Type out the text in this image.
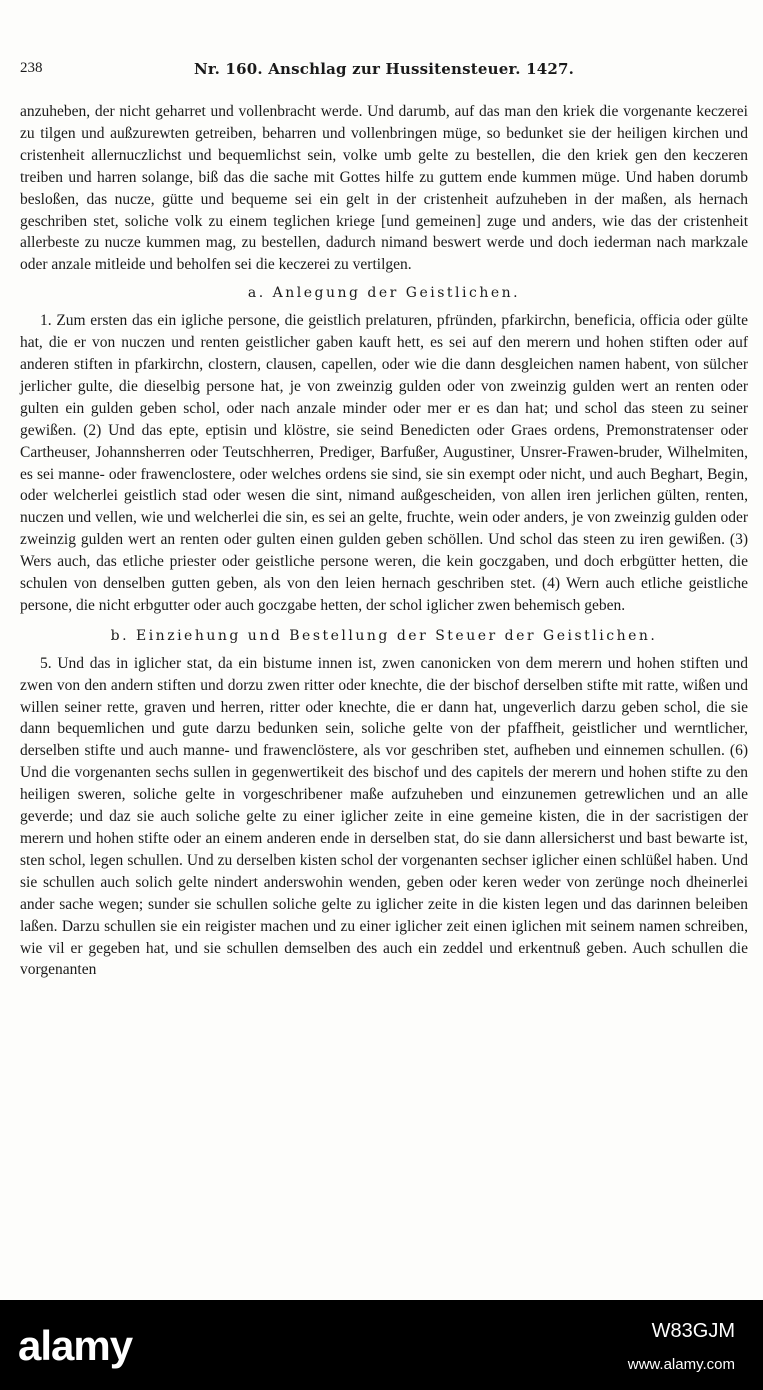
238	Nr. 160. Anschlag zur Hussitensteuer. 1427.

anzuheben, der nicht geharret und vollenbracht werde. Und darumb, auf das man den kriek die vorgenante keczerei zu tilgen und außzurewten getreiben, beharren und vollenbringen müge, so bedunket sie der heiligen kirchen und cristenheit allernuczlichst und bequemlichst sein, volke umb gelte zu bestellen, die den kriek gen den keczeren treiben und harren solange, biß das die sache mit Gottes hilfe zu guttem ende kummen müge. Und haben dorumb besloßen, das nucze, gütte und bequeme sei ein gelt in der cristenheit aufzuheben in der maßen, als hernach geschriben stet, soliche volk zu einem teglichen kriege [und gemeinen] zuge und anders, wie das der cristenheit allerbeste zu nucze kummen mag, zu bestellen, dadurch nimand beswert werde und doch iederman nach markzale oder anzale mitleide und beholfen sei die keczerei zu vertilgen.

a. Anlegung der Geistlichen.

1. Zum ersten das ein igliche persone, die geistlich prelaturen, pfründen, pfarkirchn, beneficia, officia oder gülte hat, die er von nuczen und renten geistlicher gaben kauft hett, es sei auf den merern und hohen stiften oder auf anderen stiften in pfarkirchn, clostern, clausen, capellen, oder wie die dann desgleichen namen habent, von sülcher jerlicher gulte, die dieselbig persone hat, je von zweinzig gulden oder von zweinzig gulden wert an renten oder gulten ein gulden geben schol, oder nach anzale minder oder mer er es dan hat; und schol das steen zu seiner gewißen. (2) Und das epte, eptisin und klöstre, sie seind Benedicten oder Graes ordens, Premonstratenser oder Cartheuser, Johannsherren oder Teutschherren, Prediger, Barfußer, Augustiner, Unsrer-Frawen-bruder, Wilhelmiten, es sei manne- oder frawenclostere, oder welches ordens sie sind, sie sin exempt oder nicht, und auch Beghart, Begin, oder welcherlei geistlich stad oder wesen die sint, nimand außgescheiden, von allen iren jerlichen gülten, renten, nuczen und vellen, wie und welcherlei die sin, es sei an gelte, fruchte, wein oder anders, je von zweinzig gulden oder zweinzig gulden wert an renten oder gulten einen gulden geben schöllen. Und schol das steen zu iren gewißen. (3) Wers auch, das etliche priester oder geistliche persone weren, die kein goczgaben, und doch erbgütter hetten, die schulen von denselben gutten geben, als von den leien hernach geschriben stet. (4) Wern auch etliche geistliche persone, die nicht erbgutter oder auch goczgabe hetten, der schol iglicher zwen behemisch geben.

b. Einziehung und Bestellung der Steuer der Geistlichen.

5. Und das in iglicher stat, da ein bistume innen ist, zwen canonicken von dem merern und hohen stiften und zwen von den andern stiften und dorzu zwen ritter oder knechte, die der bischof derselben stifte mit ratte, wißen und willen seiner rette, graven und herren, ritter oder knechte, die er dann hat, ungeverlich darzu geben schol, die sie dann bequemlichen und gute darzu bedunken sein, soliche gelte von der pfaffheit, geistlicher und werntlicher, derselben stifte und auch manne- und frawenclöstere, als vor geschriben stet, aufheben und einnemen schullen. (6) Und die vorgenanten sechs sullen in gegenwertikeit des bischof und des capitels der merern und hohen stifte zu den heiligen sweren, soliche gelte in vorgeschribener maße aufzuheben und einzunemen getrewlichen und an alle geverde; und daz sie auch soliche gelte zu einer iglicher zeite in eine gemeine kisten, die in der sacristigen der merern und hohen stifte oder an einem anderen ende in derselben stat, do sie dann allersicherst und bast bewarte ist, sten schol, legen schullen. Und zu derselben kisten schol der vorgenanten sechser iglicher einen schlüßel haben. Und sie schullen auch solich gelte nindert anderswohin wenden, geben oder keren weder von zerünge noch dheinerlei ander sache wegen; sunder sie schullen soliche gelte zu iglicher zeite in die kisten legen und das darinnen beleiben laßen. Darzu schullen sie ein reigister machen und zu einer iglicher zeit einen iglichen mit seinem namen schreiben, wie vil er gegeben hat, und sie schullen demselben des auch ein zeddel und erkentnuß geben. Auch schullen die vorgenanten

alamy	W83GJM
www.alamy.com
